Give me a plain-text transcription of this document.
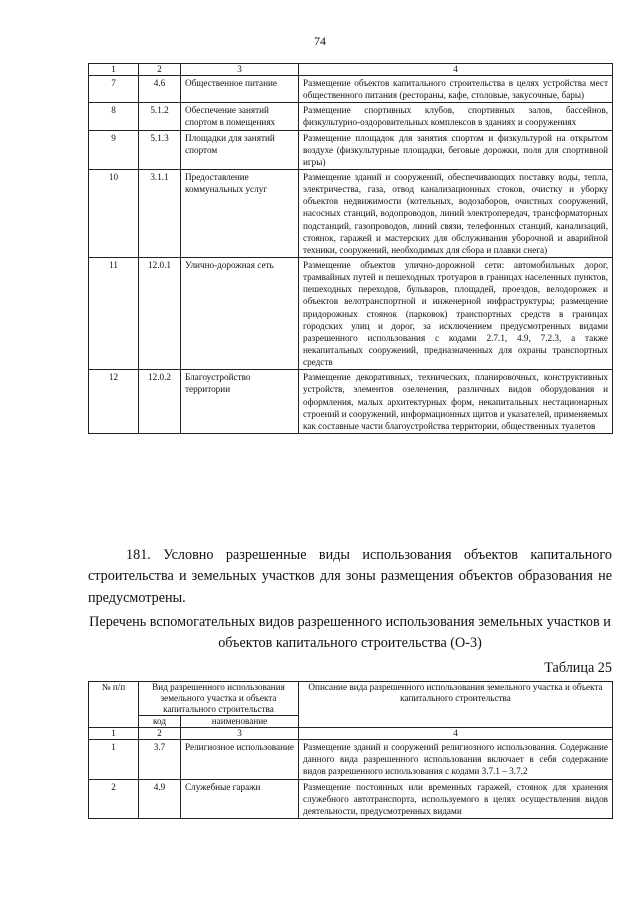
74
1	2	3	4
7	4.6	Общественное питание	Размещение объектов капитального строительства в целях устройства мест общественного питания (рестораны, кафе, столовые, закусочные, бары)
8	5.1.2	Обеспечение занятий спортом в помещениях	Размещение спортивных клубов, спортивных залов, бассейнов, физкультурно-оздоровительных комплексов в зданиях и сооружениях
9	5.1.3	Площадки для занятий спортом	Размещение площадок для занятия спортом и физкультурой на открытом воздухе (физкультурные площадки, беговые дорожки, поля для спортивной игры)
10	3.1.1	Предоставление коммунальных услуг	Размещение зданий и сооружений, обеспечивающих поставку воды, тепла, электричества, газа, отвод канализационных стоков, очистку и уборку объектов недвижимости (котельных, водозаборов, очистных сооружений, насосных станций, водопроводов, линий электропередач, трансформаторных подстанций, газопроводов, линий связи, телефонных станций, канализаций, стоянок, гаражей и мастерских для обслуживания уборочной и аварийной техники, сооружений, необходимых для сбора и плавки снега)
11	12.0.1	Улично-дорожная сеть	Размещение объектов улично-дорожной сети: автомобильных дорог, трамвайных путей и пешеходных тротуаров в границах населенных пунктов, пешеходных переходов, бульваров, площадей, проездов, велодорожек и объектов велотранспортной и инженерной инфраструктуры; размещение придорожных стоянок (парковок) транспортных средств в границах городских улиц и дорог, за исключением предусмотренных видами разрешенного использования с кодами 2.7.1, 4.9, 7.2.3, а также некапитальных сооружений, предназначенных для охраны транспортных средств
12	12.0.2	Благоустройство территории	Размещение декоративных, технических, планировочных, конструктивных устройств, элементов озеленения, различных видов оборудования и оформления, малых архитектурных форм, некапитальных нестационарных строений и сооружений, информационных щитов и указателей, применяемых как составные части благоустройства территории, общественных туалетов

181. Условно разрешенные виды использования объектов капитального строительства и земельных участков для зоны размещения объектов образования не предусмотрены.

Перечень вспомогательных видов разрешенного использования земельных участков и объектов капитального строительства (О-3)

Таблица 25

№ п/п	Вид разрешенного использования земельного участка и объекта капитального строительства		Описание вида разрешенного использования земельного участка и объекта капитального строительства
	код	наименование	
1	2	3	4
1	3.7	Религиозное использование	Размещение зданий и сооружений религиозного использования. Содержание данного вида разрешенного использования включает в себя содержание видов разрешенного использования с кодами 3.7.1 – 3.7.2
2	4.9	Служебные гаражи	Размещение постоянных или временных гаражей, стоянок для хранения служебного автотранспорта, используемого в целях осуществления видов деятельности, предусмотренных видами
